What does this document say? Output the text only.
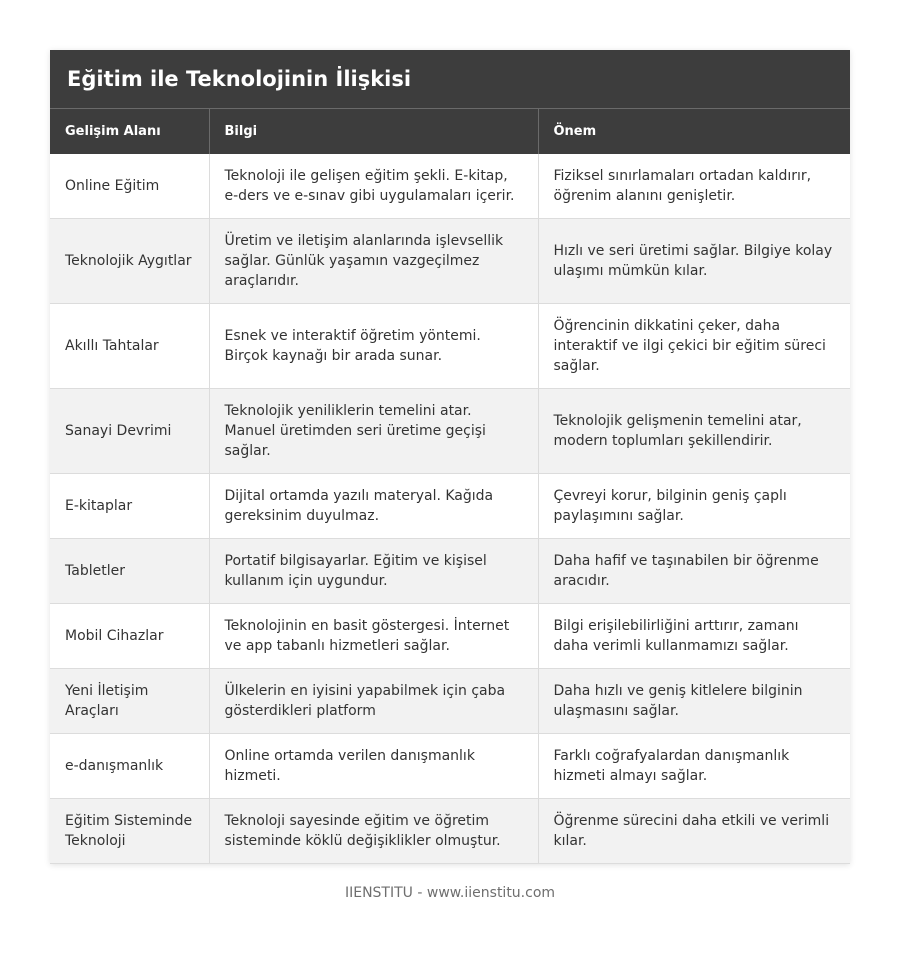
Eğitim ile Teknolojinin İlişkisi
Gelişim Alanı	Bilgi	Önem
Online Eğitim	Teknoloji ile gelişen eğitim şekli. E-kitap, e-ders ve e-sınav gibi uygulamaları içerir.	Fiziksel sınırlamaları ortadan kaldırır, öğrenim alanını genişletir.
Teknolojik Aygıtlar	Üretim ve iletişim alanlarında işlevsellik sağlar. Günlük yaşamın vazgeçilmez araçlarıdır.	Hızlı ve seri üretimi sağlar. Bilgiye kolay ulaşımı mümkün kılar.
Akıllı Tahtalar	Esnek ve interaktif öğretim yöntemi. Birçok kaynağı bir arada sunar.	Öğrencinin dikkatini çeker, daha interaktif ve ilgi çekici bir eğitim süreci sağlar.
Sanayi Devrimi	Teknolojik yeniliklerin temelini atar. Manuel üretimden seri üretime geçişi sağlar.	Teknolojik gelişmenin temelini atar, modern toplumları şekillendirir.
E-kitaplar	Dijital ortamda yazılı materyal. Kağıda gereksinim duyulmaz.	Çevreyi korur, bilginin geniş çaplı paylaşımını sağlar.
Tabletler	Portatif bilgisayarlar. Eğitim ve kişisel kullanım için uygundur.	Daha hafif ve taşınabilen bir öğrenme aracıdır.
Mobil Cihazlar	Teknolojinin en basit göstergesi. İnternet ve app tabanlı hizmetleri sağlar.	Bilgi erişilebilirliğini arttırır, zamanı daha verimli kullanmamızı sağlar.
Yeni İletişim Araçları	Ülkelerin en iyisini yapabilmek için çaba gösterdikleri platform	Daha hızlı ve geniş kitlelere bilginin ulaşmasını sağlar.
e-danışmanlık	Online ortamda verilen danışmanlık hizmeti.	Farklı coğrafyalardan danışmanlık hizmeti almayı sağlar.
Eğitim Sisteminde Teknoloji	Teknoloji sayesinde eğitim ve öğretim sisteminde köklü değişiklikler olmuştur.	Öğrenme sürecini daha etkili ve verimli kılar.
IIENSTITU - www.iienstitu.com
